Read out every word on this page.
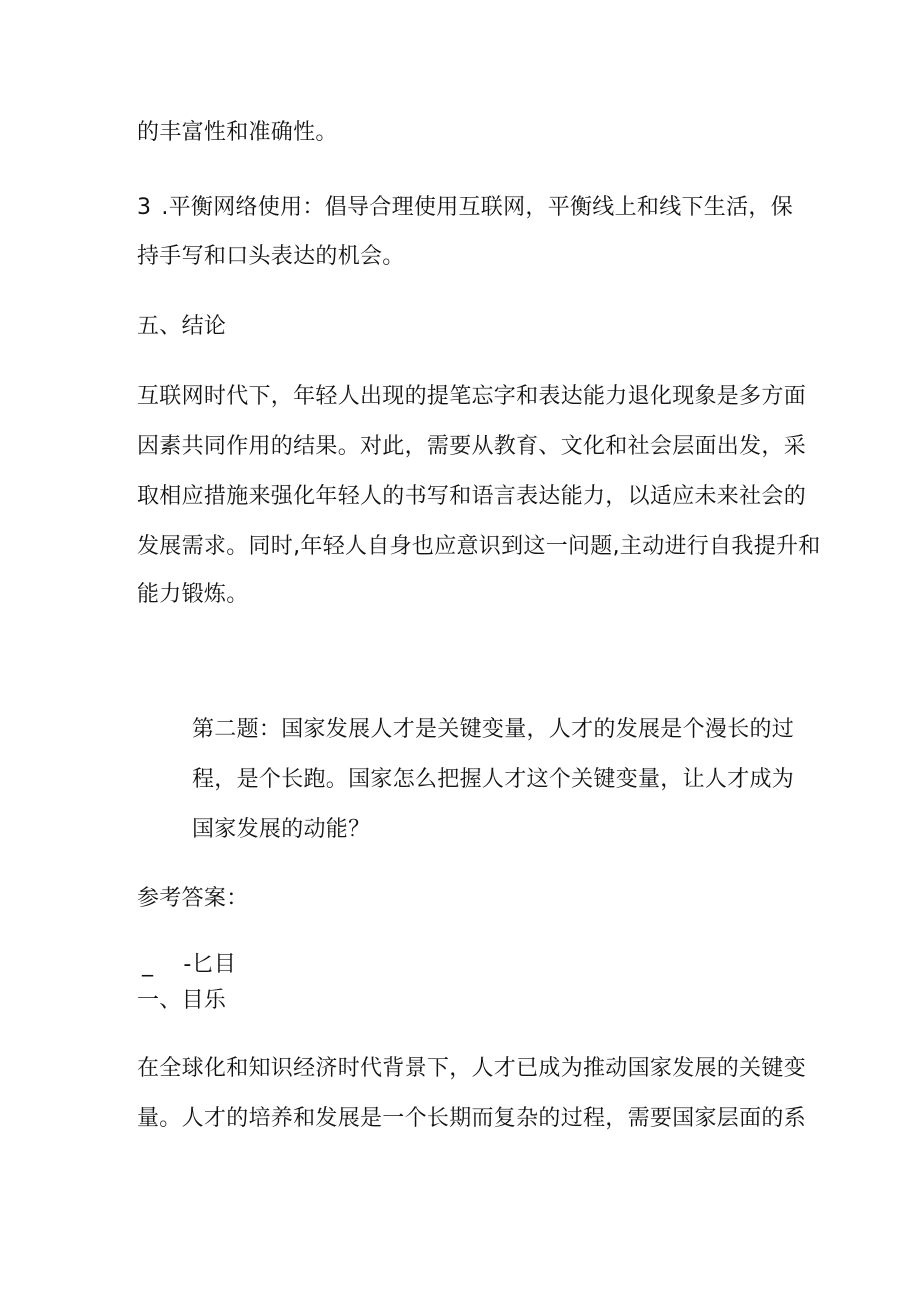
的丰富性和准确性。
3 .平衡网络使用：倡导合理使用互联网，平衡线上和线下生活，保
持手写和口头表达的机会。
五、结论
互联网时代下，年轻人出现的提笔忘字和表达能力退化现象是多方面
因素共同作用的结果。对此，需要从教育、文化和社会层面出发，采
取相应措施来强化年轻人的书写和语言表达能力，以适应未来社会的
发展需求。同时,年轻人自身也应意识到这一问题,主动进行自我提升和
能力锻炼。
第二题：国家发展人才是关键变量，人才的发展是个漫长的过
程，是个长跑。国家怎么把握人才这个关键变量，让人才成为
国家发展的动能？
参考答案：
_ -匕目
一、目乐
在全球化和知识经济时代背景下，人才已成为推动国家发展的关键变
量。人才的培养和发展是一个长期而复杂的过程，需要国家层面的系
